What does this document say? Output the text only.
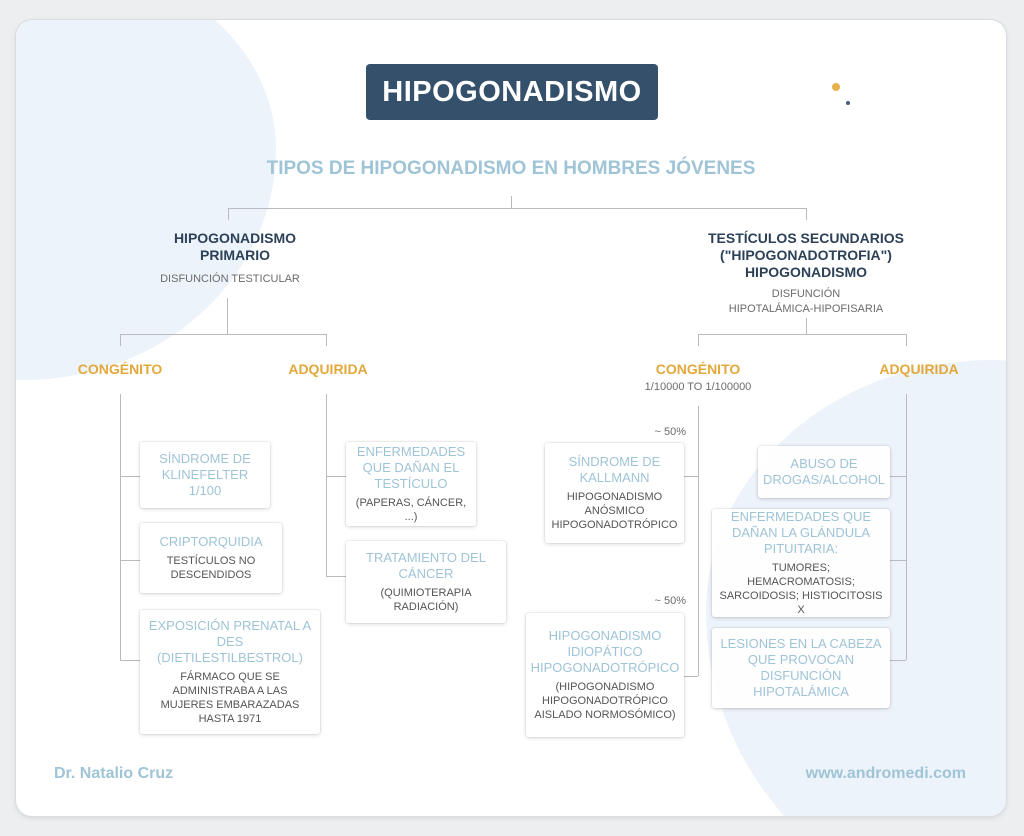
HIPOGONADISMO
TIPOS DE HIPOGONADISMO EN HOMBRES JÓVENES
HIPOGONADISMO
PRIMARIO
DISFUNCIÓN TESTICULAR
CONGÉNITO	ADQUIRIDA
SÍNDROME DE KLINEFELTER 1/100
CRIPTORQUIDIA
TESTÍCULOS NO DESCENDIDOS
EXPOSICIÓN PRENATAL A DES (DIETILESTILBESTROL)
FÁRMACO QUE SE ADMINISTRABA A LAS MUJERES EMBARAZADAS HASTA 1971
ENFERMEDADES QUE DAÑAN EL TESTÍCULO
(PAPERAS, CÁNCER, ...)
TRATAMIENTO DEL CÁNCER
(QUIMIOTERAPIA RADIACIÓN)
TESTÍCULOS SECUNDARIOS
("HIPOGONADOTROFIA")
HIPOGONADISMO
DISFUNCIÓN
HIPOTALÁMICA-HIPOFISARIA
CONGÉNITO
1/10000 TO 1/100000
ADQUIRIDA
~ 50%
SÍNDROME DE KALLMANN
HIPOGONADISMO ANÓSMICO HIPOGONADOTRÓPICO
~ 50%
HIPOGONADISMO IDIOPÁTICO HIPOGONADOTRÓPICO
(HIPOGONADISMO HIPOGONADOTRÓPICO AISLADO NORMOSÓMICO)
ABUSO DE DROGAS/ALCOHOL
ENFERMEDADES QUE DAÑAN LA GLÁNDULA PITUITARIA:
TUMORES; HEMACROMATOSIS; SARCOIDOSIS; HISTIOCITOSIS X
LESIONES EN LA CABEZA QUE PROVOCAN DISFUNCIÓN HIPOTALÁMICA
Dr. Natalio Cruz	www.andromedi.com
